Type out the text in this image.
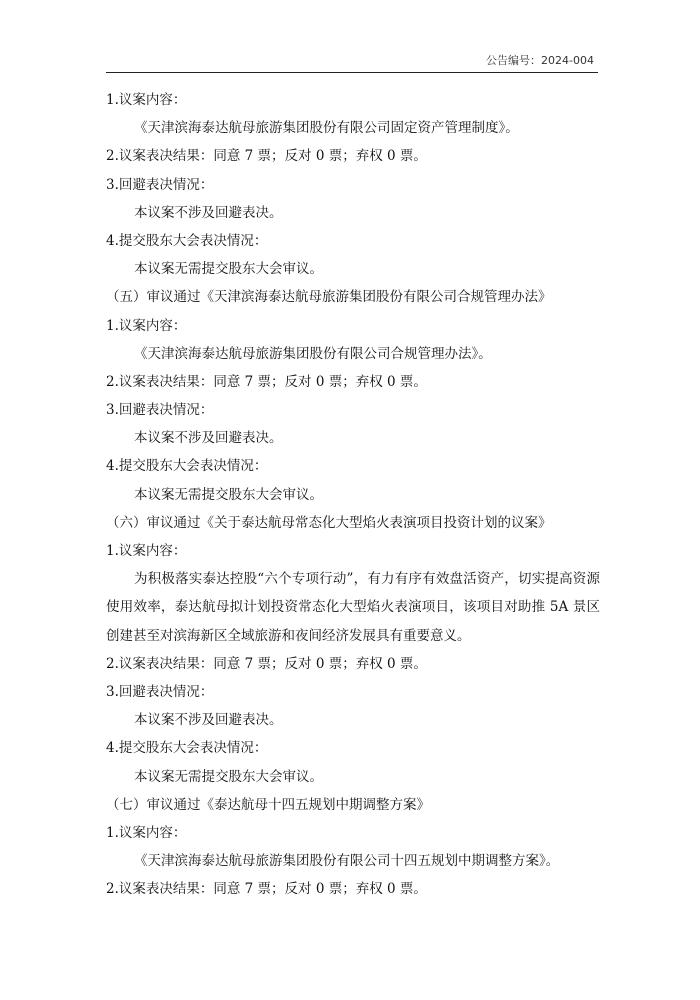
公告编号：2024-004
1.议案内容：
《天津滨海泰达航母旅游集团股份有限公司固定资产管理制度》。
2.议案表决结果：同意 7 票；反对 0 票；弃权 0 票。
3.回避表决情况：
本议案不涉及回避表决。
4.提交股东大会表决情况：
本议案无需提交股东大会审议。
（五）审议通过《天津滨海泰达航母旅游集团股份有限公司合规管理办法》
1.议案内容：
《天津滨海泰达航母旅游集团股份有限公司合规管理办法》。
2.议案表决结果：同意 7 票；反对 0 票；弃权 0 票。
3.回避表决情况：
本议案不涉及回避表决。
4.提交股东大会表决情况：
本议案无需提交股东大会审议。
（六）审议通过《关于泰达航母常态化大型焰火表演项目投资计划的议案》
1.议案内容：
为积极落实泰达控股“六个专项行动”，有力有序有效盘活资产，切实提高资源使用效率，泰达航母拟计划投资常态化大型焰火表演项目，该项目对助推 5A 景区创建甚至对滨海新区全域旅游和夜间经济发展具有重要意义。
2.议案表决结果：同意 7 票；反对 0 票；弃权 0 票。
3.回避表决情况：
本议案不涉及回避表决。
4.提交股东大会表决情况：
本议案无需提交股东大会审议。
（七）审议通过《泰达航母十四五规划中期调整方案》
1.议案内容：
《天津滨海泰达航母旅游集团股份有限公司十四五规划中期调整方案》。
2.议案表决结果：同意 7 票；反对 0 票；弃权 0 票。
